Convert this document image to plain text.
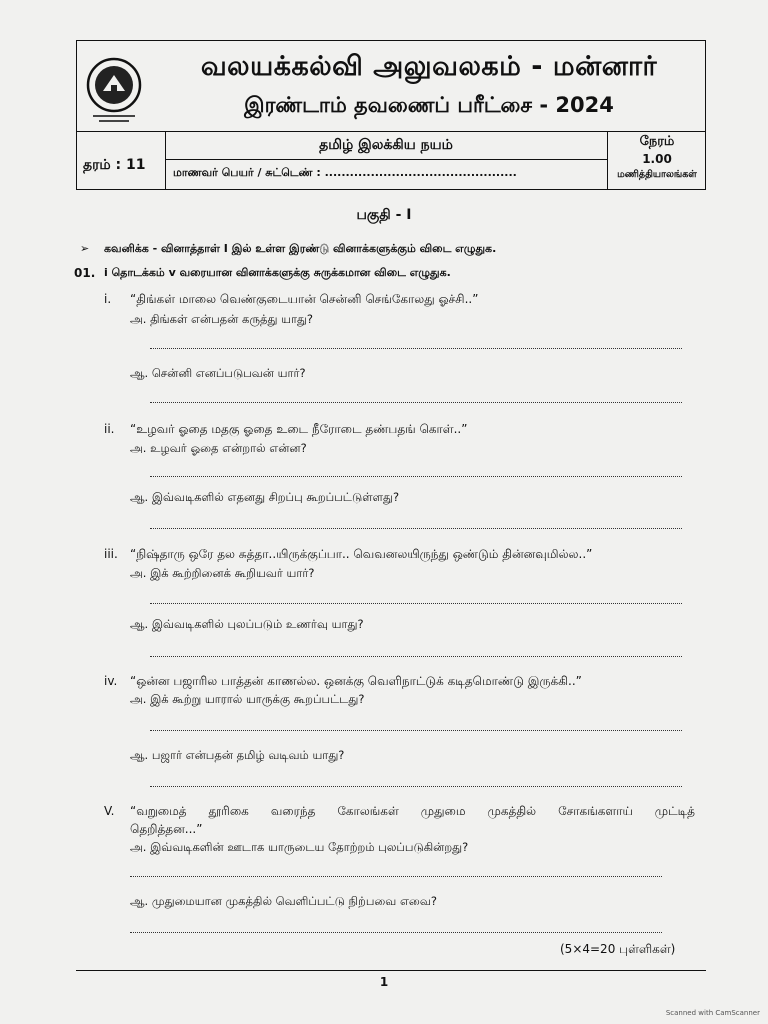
வலயக்கல்வி அலுவலகம் - மன்னார்
இரண்டாம் தவணைப் பரீட்சை - 2024
தரம் : 11
தமிழ் இலக்கிய நயம்
மாணவர் பெயர் / சுட்டெண் : ..............................................
நேரம்
1.00
மணித்தியாலங்கள்
பகுதி - I
➢ கவனிக்க - வினாத்தாள் I இல் உள்ள இரண்டு வினாக்களுக்கும் விடை எழுதுக.
01. i தொடக்கம் v வரையான வினாக்களுக்கு சுருக்கமான விடை எழுதுக.
i. “திங்கள் மாலை வெண்குடையான் சென்னி செங்கோலது ஓச்சி..”
அ. திங்கள் என்பதன் கருத்து யாது?
ஆ. சென்னி எனப்படுபவன் யார்?
ii. “உழவர் ஓதை மதகு ஓதை உடை நீரோடை தண்பதங் கொள்..”
அ. உழவர் ஓதை என்றால் என்ன?
ஆ. இவ்வடிகளில் எதனது சிறப்பு கூறப்பட்டுள்ளது?
iii. “நிஷ்தாரு ஒரே தல சுத்தா..யிருக்குப்பா.. வெவனலயிருந்து ஒண்டும் தின்னவுமில்ல..”
அ. இக் கூற்றினைக் கூறியவர் யார்?
ஆ. இவ்வடிகளில் புலப்படும் உணர்வு யாது?
iv. “ஒன்ன பஜாரில பாத்தன் காணல்ல. ஒனக்கு வெளிநாட்டுக் கடிதமொண்டு இருக்கி..”
அ. இக் கூற்று யாரால் யாருக்கு கூறப்பட்டது?
ஆ. பஜார் என்பதன் தமிழ் வடிவம் யாது?
V. “வறுமைத் தூரிகை வரைந்த கோலங்கள் முதுமை முகத்தில் சோகங்களாய் முட்டித்
தெறித்தன...”
அ. இவ்வடிகளின் ஊடாக யாருடைய தோற்றம் புலப்படுகின்றது?
ஆ. முதுமையான முகத்தில் வெளிப்பட்டு நிற்பவை எவை?
(5×4=20 புள்ளிகள்)
1
Scanned with CamScanner
